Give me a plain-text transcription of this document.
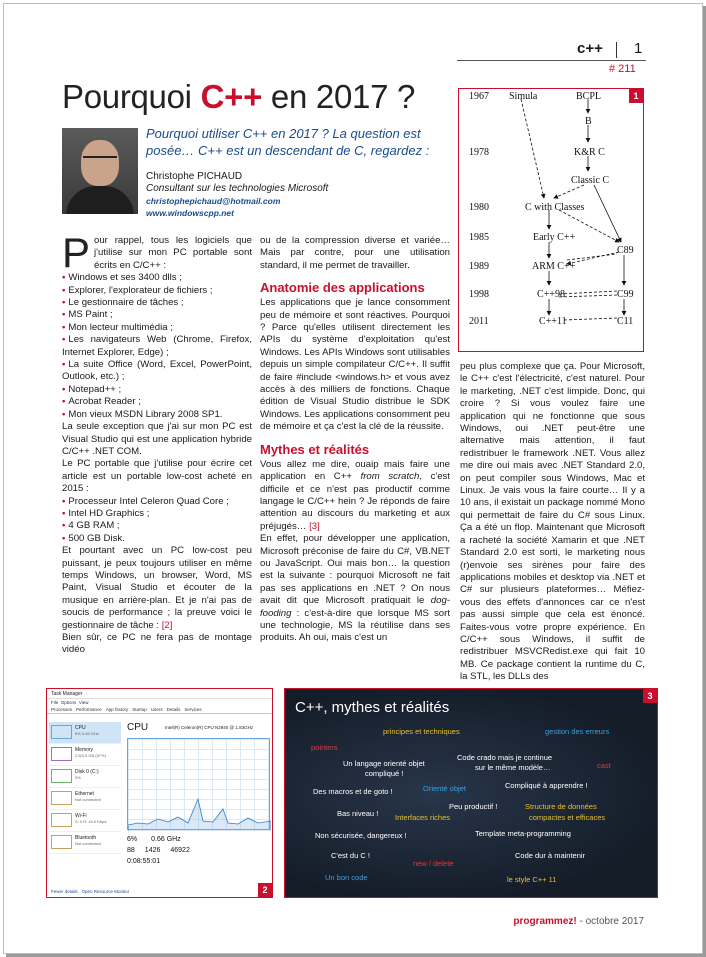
c++ 1
# 211
Pourquoi C++ en 2017 ?
Pourquoi utiliser C++ en 2017 ? La question est posée… C++ est un descendant de C, regardez :
Christophe PICHAUD
Consultant sur les technologies Microsoft
christophepichaud@hotmail.com
www.windowscpp.net

Pour rappel, tous les logiciels que j'utilise sur mon PC portable sont écrits en C/C++ :

• Windows et ses 3400 dlls ;
• Explorer, l'explorateur de fichiers ;
• Le gestionnaire de tâches ;
• MS Paint ;
• Mon lecteur multimédia ;
• Les navigateurs Web (Chrome, Firefox, Internet Explorer, Edge) ;
• La suite Office (Word, Excel, PowerPoint, Outlook, etc.) ;
• Notepad++ ;
• Acrobat Reader ;
• Mon vieux MSDN Library 2008 SP1.

La seule exception que j'ai sur mon PC est Visual Studio qui est une application hybride C/C++ .NET COM.

Le PC portable que j'utilise pour écrire cet article est un portable low-cost acheté en 2015 :

• Processeur Intel Celeron Quad Core ;
• Intel HD Graphics ;
• 4 GB RAM ;
• 500 GB Disk.

Et pourtant avec un PC low-cost peu puissant, je peux toujours utiliser en même temps Windows, un browser, Word, MS Paint, Visual Studio et écouter de la musique en arrière-plan. Et je n'ai pas de soucis de performance ; la preuve voici le gestionnaire de tâche : [2]

Bien sûr, ce PC ne fera pas de montage vidéo

ou de la compression diverse et variée… Mais par contre, pour une utilisation standard, il me permet de travailler.

Anatomie des applications

Les applications que je lance consomment peu de mémoire et sont réactives. Pourquoi ? Parce qu'elles utilisent directement les APIs du système d'exploitation qu'est Windows. Les APIs Windows sont utilisables depuis un simple compilateur C/C++. Il suffit de faire #include <windows.h> et vous avez accès à des milliers de fonctions. Chaque édition de Visual Studio distribue le SDK Windows. Les applications consomment peu de mémoire et ça c'est la clé de la réussite.

Mythes et réalités

Vous allez me dire, ouaip mais faire une application en C++ from scratch, c'est difficile et ce n'est pas productif comme langage le C/C++ hein ? Je réponds de faire attention au discours du marketing et aux préjugés… [3]

En effet, pour développer une application, Microsoft préconise de faire du C#, VB.NET ou JavaScript. Oui mais bon… la question est la suivante : pourquoi Microsoft ne fait pas ses applications en .NET ? On nous avait dit que Microsoft pratiquait le dog-fooding : c'est-à-dire que lorsque MS sort une technologie, MS la réutilise dans ses produits. Ah oui, mais c'est un

peu plus complexe que ça. Pour Microsoft, le C++ c'est l'électricité, c'est naturel. Pour le marketing, .NET c'est limpide. Donc, qui croire ? Si vous voulez faire une application qui ne fonctionne que sous Windows, oui .NET peut-être une alternative mais attention, il faut redistribuer le framework .NET. Vous allez me dire oui mais avec .NET Standard 2.0, on peut compiler sous Windows, Mac et Linux. Je vais vous la faire courte… Il y a 10 ans, il existait un package nommé Mono qui permettait de faire du C# sous Linux. Ça a été un flop. Maintenant que Microsoft a racheté la société Xamarin et que .NET Standard 2.0 est sorti, le marketing nous (r)envoie ses sirènes pour faire des applications mobiles et desktop via .NET et C# sur plusieurs plateformes… Méfiez-vous des effets d'annonces car ce n'est pas aussi simple que cela est énoncé. Faites-vous votre propre expérience. En C/C++ sous Windows, il suffit de redistribuer MSVCRedist.exe qui fait 10 MB. Ce package contient la runtime du C, la STL, les DLLs des

1
1967
1978
1980
1985
1989
1998
2011
Simula	BCPL
B
K&R C
Classic C
C with Classes
Early C++
C89
ARM C++
C++98	C99
C++11	C11
2
Task Manager
File Options View
Processes Performance App history Startup Users Details Services
CPU
6% 0.66 GHz
Memory
2.6/3.9 GB (67%)
Disk 0 (C:)
0%
Ethernet
Not connected
Wi-Fi
S: 0 R: 16.0 Kbps
Bluetooth
Not connected
CPU	Intel(R) Celeron(R) CPU N2940 @ 1.83GHz
6% 0.66 GHz
88 1426 46922
0:08:55:01
Fewer details Open Resource Monitor
3
C++, mythes et réalités
principes et techniques	gestion des erreurs
pointers
Un langage orienté objet
compliqué !
Code crado mais je continue
sur le même modèle…	cast
Des macros et de goto !	Orienté objet	Compliqué à apprendre !
Bas niveau !
Peu productif !
Interfaces riches
Structure de données
compactes et efficaces
Non sécurisée, dangereux !	Template meta-programming
C'est du C !
new / delete
Code dur à maintenir
Un bon code	le style C++ 11
programmez! - octobre 2017
